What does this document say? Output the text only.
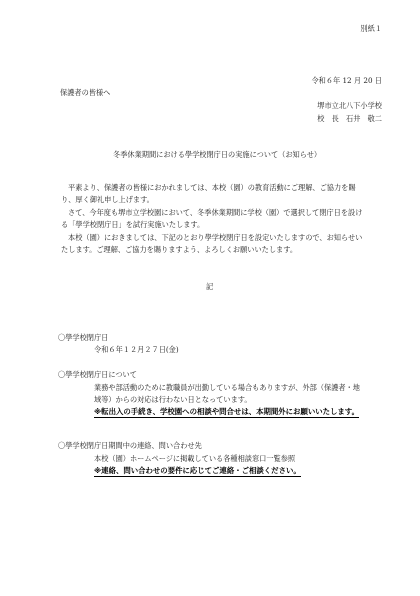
別紙１
令和６年 12 月 20 日
保護者の皆様へ
堺市立北八下小学校
校　長　石井　敬二
冬季休業期間における學学校閉庁日の実施について（お知らせ）
平素より、保護者の皆様におかれましては、本校（園）の教育活動にご理解、ご協力を賜
り、厚く御礼申し上げます。
さて、今年度も堺市立学校園において、冬季休業期間に学校（園）で選択して閉庁日を設け
る「學学校閉庁日」を試行実施いたします。
本校（園）におきましては、下記のとおり學学校閉庁日を設定いたしますので、お知らせい
たします。ご理解、ご協力を賜りますよう、よろしくお願いいたします。
記
〇學学校閉庁日
令和６年１２月２７日(金)
〇學学校閉庁日について
業務や部活動のために教職員が出勤している場合もありますが、外部（保護者・地
域等）からの対応は行わない日となっています。
※転出入の手続き、学校園への相談や問合せは、本期間外にお願いいたします。
〇學学校閉庁日期間中の連絡、問い合わせ先
本校（園）ホームページに掲載している各種相談窓口一覧参照
※連絡、問い合わせの要件に応じてご連絡・ご相談ください。
